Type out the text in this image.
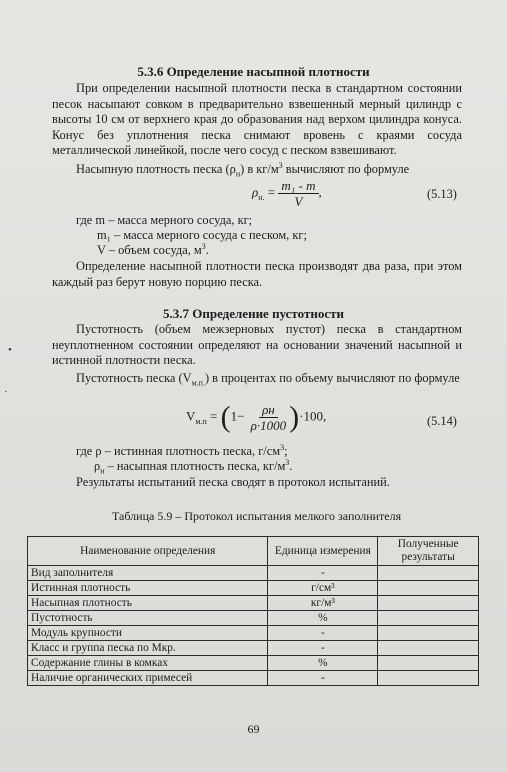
5.3.6 Определение насыпной плотности

При определении насыпной плотности песка в стандартном состоянии песок насыпают совком в предварительно взвешенный мерный цилиндр с высоты 10 см от верхнего края до образования над верхом цилиндра конуса. Конус без уплотнения песка снимают вровень с краями сосуда металлической линейкой, после чего сосуд с песком взвешивают.

Насыпную плотность песка $(\rho_н)$ в $кг/м^3$ вычисляют по формуле
$\rho_{н.} = \frac{\text{m₁ - m}}{V}$ ,	(5.13)
где m – масса мерного сосуда, кг;
m₁ – масса мерного сосуда с песком, кг;
V – объем сосуда, $м^3$.

Определение насыпной плотности песка производят два раза, при этом каждый раз берут новую порцию песка.

5.3.7 Определение пустотности

Пустотность (объем межзерновых пустот) песка в стандартном неуплотненном состоянии определяют на основании значений насыпной и истинной плотности песка.

Пустотность песка $(V_{м.п.})$ в процентах по объему вычисляют по формуле

$V_{м.п} = (1- \frac{\rho н}{\rho\cdot 1000} )\cdot 100$,	(5.14)
где ρ – истинная плотность песка, $г/см^3$;
$\rho_н$ – насыпная плотность песка, $кг/м^3$.
Результаты испытаний песка сводят в протокол испытаний.
Таблица 5.9 – Протокол испытания мелкого заполнителя
Наименование определения	Единица измерения	Полученные результаты
Вид заполнителя	-	
Истинная плотность	г/см³	
Насыпная плотность	кг/м³	
Пустотность	%	
Модуль крупности	-	
Класс и группа песка по Мкр.	-	
Содержание глины в комках	%	
Наличие органических примесей	-	
69
•
·
